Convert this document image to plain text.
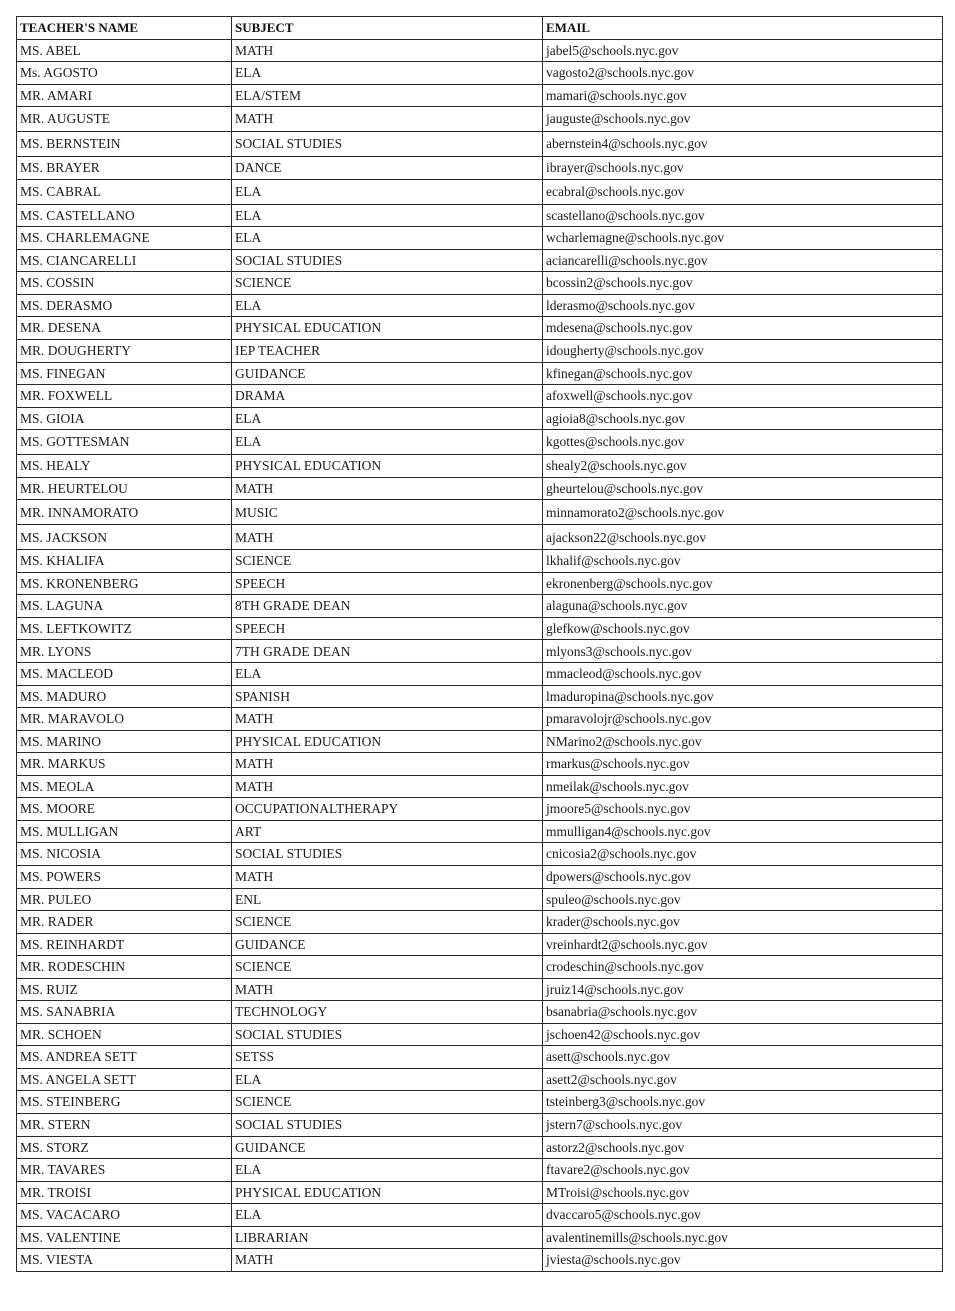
TEACHER'S NAME	SUBJECT	EMAIL
MS. ABEL	MATH	jabel5@schools.nyc.gov
Ms. AGOSTO	ELA	vagosto2@schools.nyc.gov
MR. AMARI	ELA/STEM	mamari@schools.nyc.gov
MR. AUGUSTE	MATH	jauguste@schools.nyc.gov
MS. BERNSTEIN	SOCIAL STUDIES	abernstein4@schools.nyc.gov
MS. BRAYER	DANCE	ibrayer@schools.nyc.gov
MS. CABRAL	ELA	ecabral@schools.nyc.gov
MS. CASTELLANO	ELA	scastellano@schools.nyc.gov
MS. CHARLEMAGNE	ELA	wcharlemagne@schools.nyc.gov
MS. CIANCARELLI	SOCIAL STUDIES	aciancarelli@schools.nyc.gov
MS. COSSIN	SCIENCE	bcossin2@schools.nyc.gov
MS. DERASMO	ELA	lderasmo@schools.nyc.gov
MR. DESENA	PHYSICAL EDUCATION	mdesena@schools.nyc.gov
MR. DOUGHERTY	IEP TEACHER	idougherty@schools.nyc.gov
MS. FINEGAN	GUIDANCE	kfinegan@schools.nyc.gov
MR. FOXWELL	DRAMA	afoxwell@schools.nyc.gov
MS. GIOIA	ELA	agioia8@schools.nyc.gov
MS. GOTTESMAN	ELA	kgottes@schools.nyc.gov
MS. HEALY	PHYSICAL EDUCATION	shealy2@schools.nyc.gov
MR. HEURTELOU	MATH	gheurtelou@schools.nyc.gov
MR. INNAMORATO	MUSIC	minnamorato2@schools.nyc.gov
MS. JACKSON	MATH	ajackson22@schools.nyc.gov
MS. KHALIFA	SCIENCE	lkhalif@schools.nyc.gov
MS. KRONENBERG	SPEECH	ekronenberg@schools.nyc.gov
MS. LAGUNA	8TH GRADE DEAN	alaguna@schools.nyc.gov
MS. LEFTKOWITZ	SPEECH	glefkow@schools.nyc.gov
MR. LYONS	7TH GRADE DEAN	mlyons3@schools.nyc.gov
MS. MACLEOD	ELA	mmacleod@schools.nyc.gov
MS. MADURO	SPANISH	lmaduropina@schools.nyc.gov
MR. MARAVOLO	MATH	pmaravolojr@schools.nyc.gov
MS. MARINO	PHYSICAL EDUCATION	NMarino2@schools.nyc.gov
MR. MARKUS	MATH	rmarkus@schools.nyc.gov
MS. MEOLA	MATH	nmeilak@schools.nyc.gov
MS. MOORE	OCCUPATIONALTHERAPY	jmoore5@schools.nyc.gov
MS. MULLIGAN	ART	mmulligan4@schools.nyc.gov
MS. NICOSIA	SOCIAL STUDIES	cnicosia2@schools.nyc.gov
MS. POWERS	MATH	dpowers@schools.nyc.gov
MR. PULEO	ENL	spuleo@schools.nyc.gov
MR. RADER	SCIENCE	krader@schools.nyc.gov
MS. REINHARDT	GUIDANCE	vreinhardt2@schools.nyc.gov
MR. RODESCHIN	SCIENCE	crodeschin@schools.nyc.gov
MS. RUIZ	MATH	jruiz14@schools.nyc.gov
MS. SANABRIA	TECHNOLOGY	bsanabria@schools.nyc.gov
MR. SCHOEN	SOCIAL STUDIES	jschoen42@schools.nyc.gov
MS. ANDREA SETT	SETSS	asett@schools.nyc.gov
MS. ANGELA SETT	ELA	asett2@schools.nyc.gov
MS. STEINBERG	SCIENCE	tsteinberg3@schools.nyc.gov
MR. STERN	SOCIAL STUDIES	jstern7@schools.nyc.gov
MS. STORZ	GUIDANCE	astorz2@schools.nyc.gov
MR. TAVARES	ELA	ftavare2@schools.nyc.gov
MR. TROISI	PHYSICAL EDUCATION	MTroisi@schools.nyc.gov
MS. VACACARO	ELA	dvaccaro5@schools.nyc.gov
MS. VALENTINE	LIBRARIAN	avalentinemills@schools.nyc.gov
MS. VIESTA	MATH	jviesta@schools.nyc.gov
